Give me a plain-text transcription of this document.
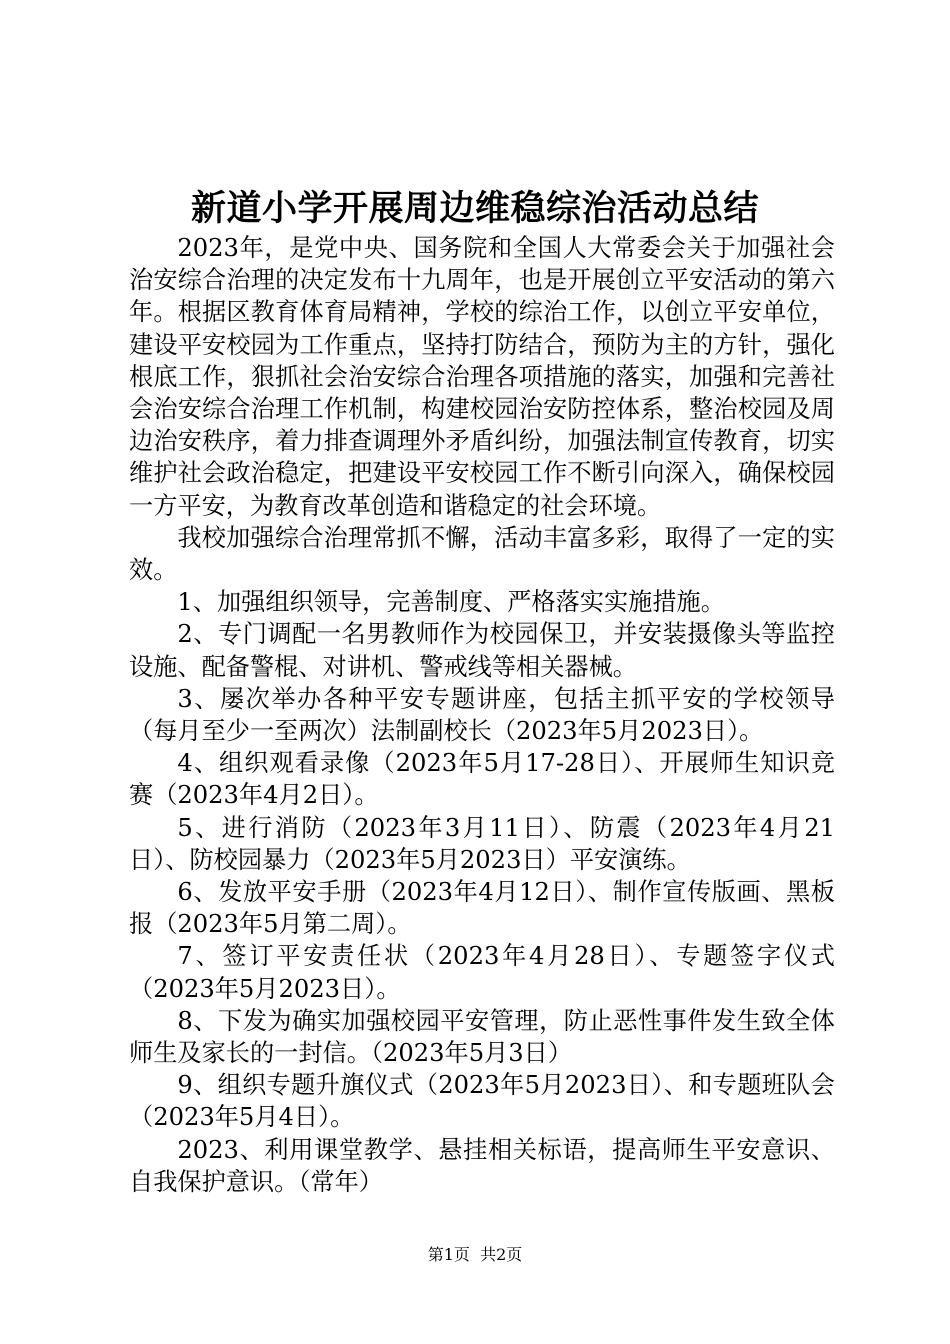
新道小学开展周边维稳综治活动总结

2023年，是党中央、国务院和全国人大常委会关于加强社会治安综合治理的决定发布十九周年，也是开展创立平安活动的第六年。根据区教育体育局精神，学校的综治工作，以创立平安单位，建设平安校园为工作重点，坚持打防结合，预防为主的方针，强化根底工作，狠抓社会治安综合治理各项措施的落实，加强和完善社会治安综合治理工作机制，构建校园治安防控体系，整治校园及周边治安秩序，着力排查调理外矛盾纠纷，加强法制宣传教育，切实维护社会政治稳定，把建设平安校园工作不断引向深入，确保校园一方平安，为教育改革创造和谐稳定的社会环境。

我校加强综合治理常抓不懈，活动丰富多彩，取得了一定的实效。

1、加强组织领导，完善制度、严格落实实施措施。

2、专门调配一名男教师作为校园保卫，并安装摄像头等监控设施、配备警棍、对讲机、警戒线等相关器械。

3、屡次举办各种平安专题讲座，包括主抓平安的学校领导（每月至少一至两次）法制副校长（2023年5月2023日）。

4、组织观看录像（2023年5月17-28日）、开展师生知识竞赛（2023年4月2日）。

5、进行消防（2023年3月11日）、防震（2023年4月21日）、防校园暴力（2023年5月2023日）平安演练。

6、发放平安手册（2023年4月12日）、制作宣传版画、黑板报（2023年5月第二周）。

7、签订平安责任状（2023年4月28日）、专题签字仪式（2023年5月2023日）。

8、下发为确实加强校园平安管理，防止恶性事件发生致全体师生及家长的一封信。（2023年5月3日）

9、组织专题升旗仪式（2023年5月2023日）、和专题班队会（2023年5月4日）。

2023、利用课堂教学、悬挂相关标语，提高师生平安意识、自我保护意识。（常年）

第1页 共2页
